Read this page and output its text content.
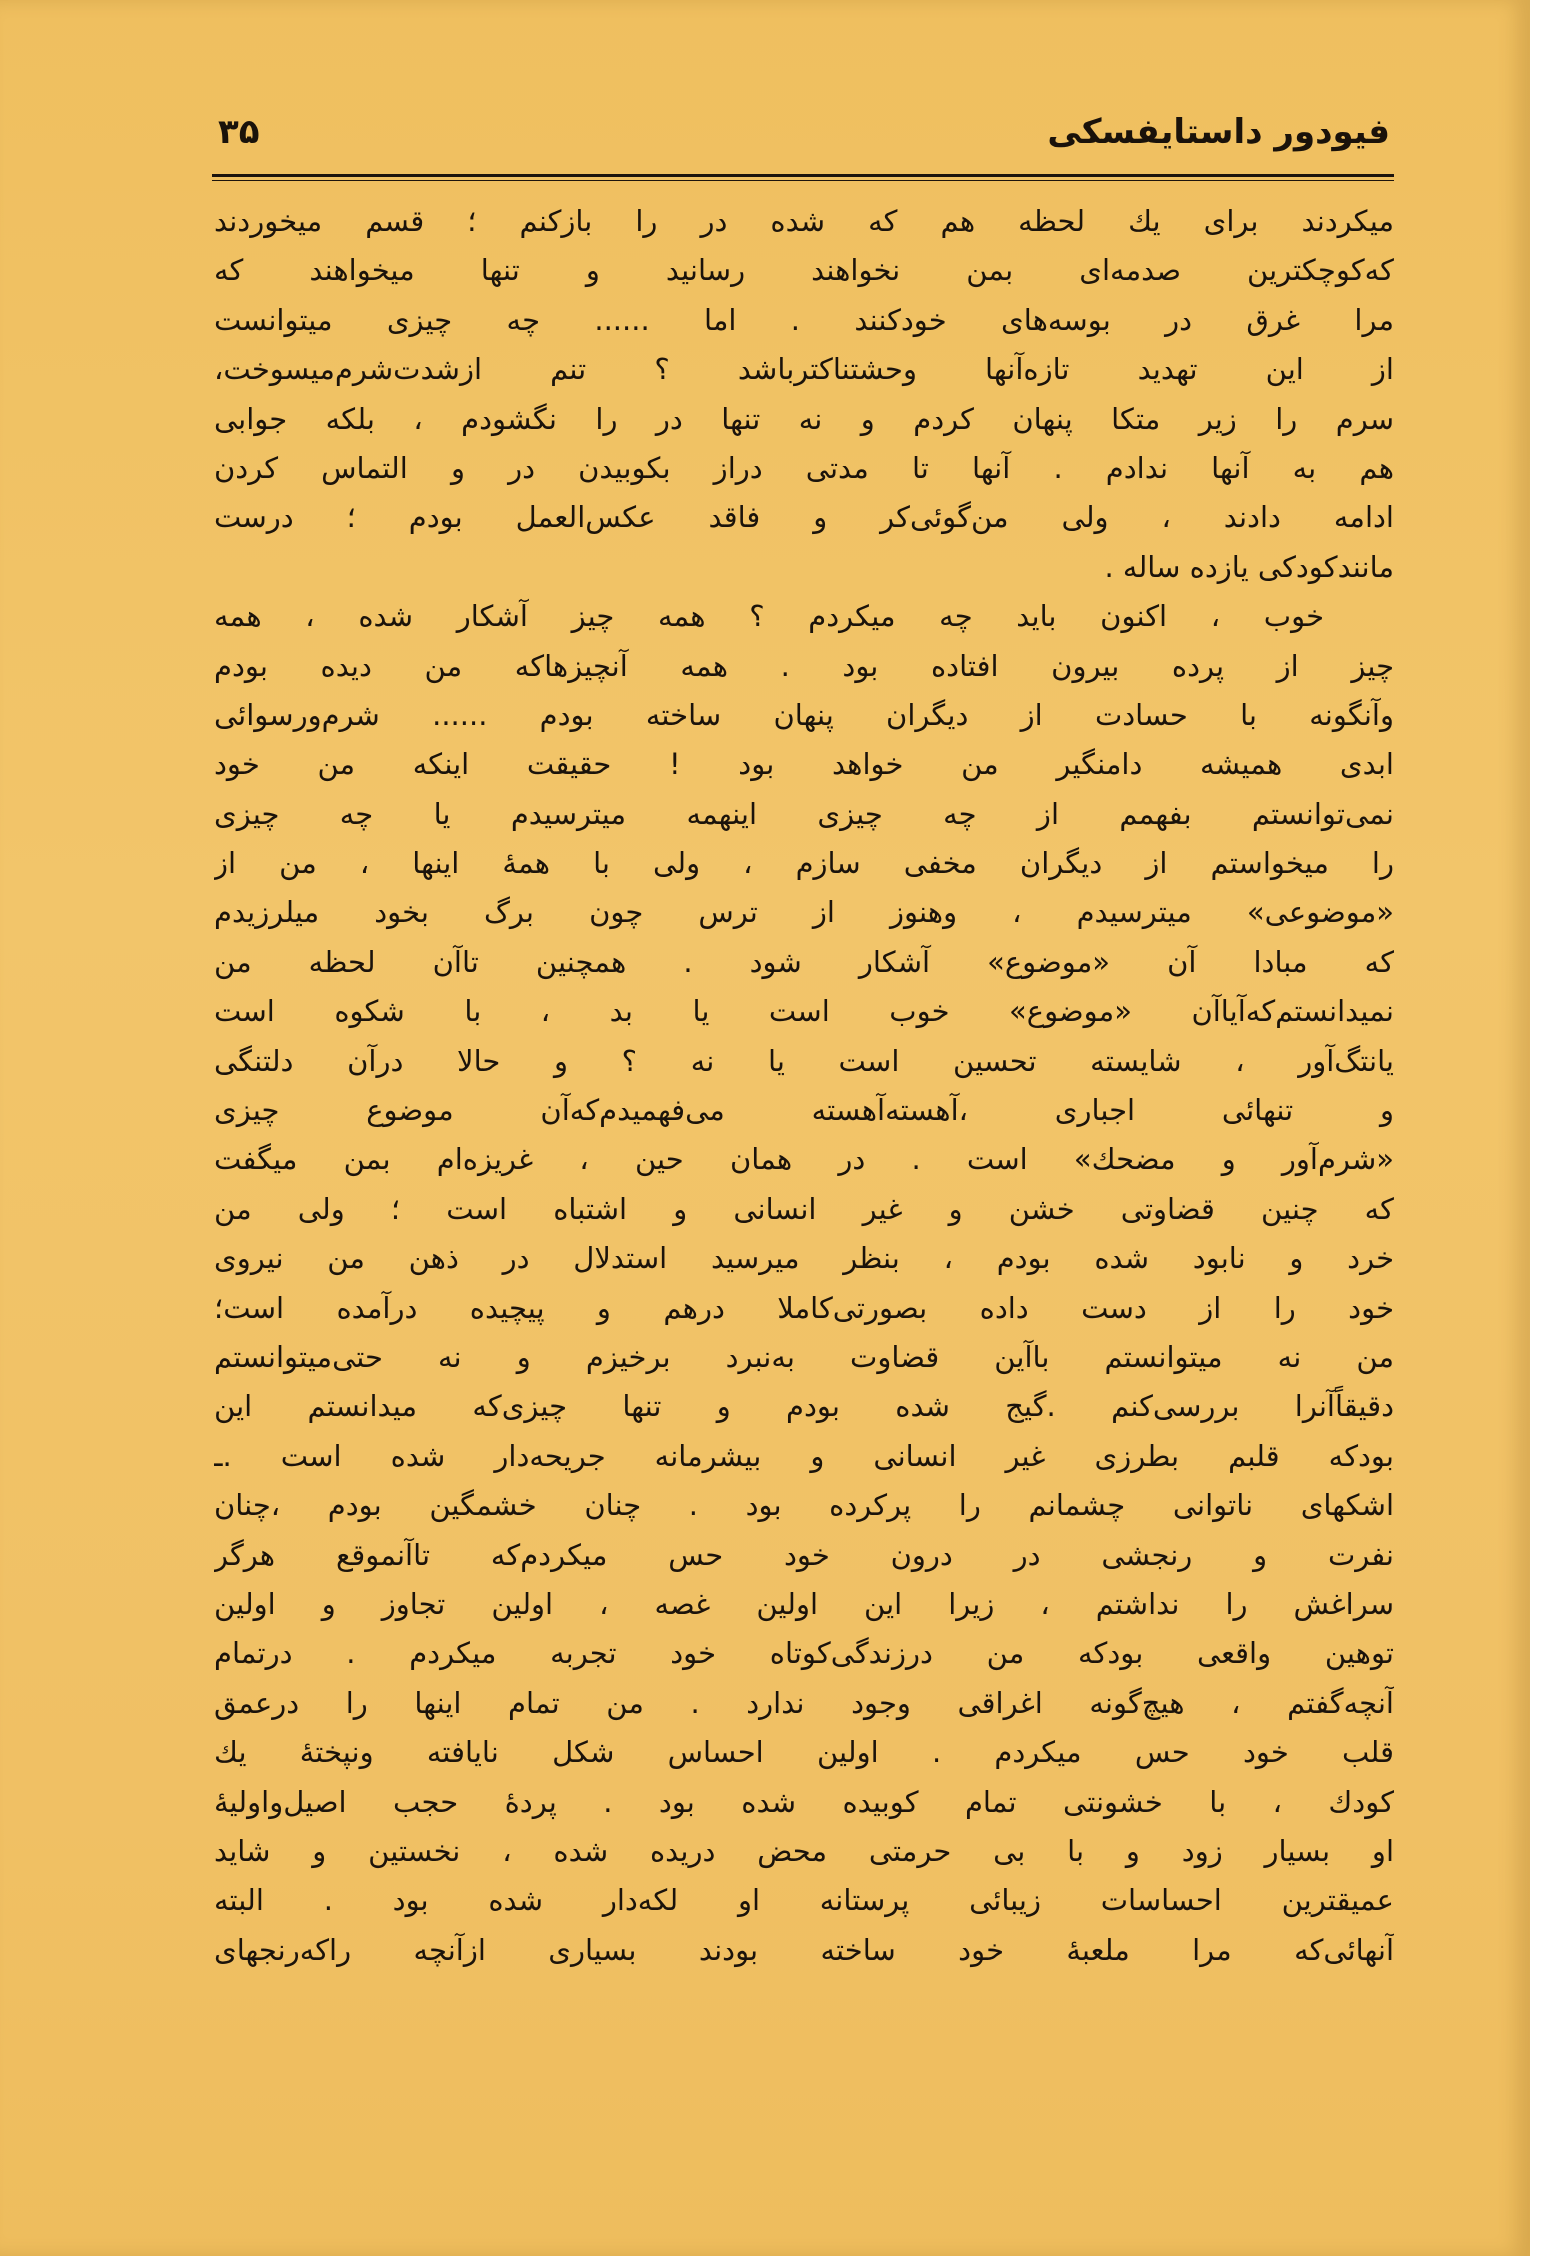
فیودور داستایفسکی
۳۵
میکردند برای یك لحظه هم که شده در را بازکنم ؛ قسم میخوردند
که‌کوچکترین صدمه‌ای بمن نخواهند رسانید و تنها میخواهند که
مرا غرق در بوسه‌های خودکنند . اما ...... چه چیزی میتوانست
از این تهدید تازه‌آنها وحشتناکترباشد ؟ تنم ازشدت‌شرم‌میسوخت،
سرم را زیر متکا پنهان کردم و نه تنها در را نگشودم ، بلکه جوابی
هم به آنها ندادم . آنها تا مدتی دراز بکوبیدن در و التماس کردن
ادامه دادند ، ولی من‌گوئی‌کر و فاقد عکس‌العمل بودم ؛ درست
مانندکودکی یازده ساله .
خوب ، اکنون باید چه میکردم ؟ همه چیز آشکار شده ، همه
چیز از پرده بیرون افتاده بود . همه آنچیزهاکه من دیده بودم
وآنگونه با حسادت از دیگران پنهان ساخته بودم ...... شرم‌ورسوائی
ابدی همیشه دامنگیر من خواهد بود ! حقیقت اینکه من خود
نمی‌توانستم بفهمم از چه چیزی اینهمه میترسیدم یا چه چیزی
را میخواستم از دیگران مخفی سازم ، ولی با همهٔ اینها ، من از
«موضوعی» میترسیدم ، وهنوز از ترس چون برگ بخود میلرزیدم
که مبادا آن «موضوع» آشکار شود . همچنین تاآن لحظه من
نمیدانستم‌که‌آیاآن «موضوع» خوب است یا بد ، با شکوه است
یانتگ‌آور ، شایسته تحسین است یا نه ؟ و حالا درآن دلتنگی
و تنهائی اجباری ،آهسته‌آهسته می‌فهمیدم‌که‌آن موضوع چیزی
«شرم‌آور و مضحك» است . در همان حین ، غریزه‌ام بمن میگفت
که چنین قضاوتی خشن و غیر انسانی و اشتباه است ؛ ولی من
خرد و نابود شده بودم ، بنظر میرسید استدلال در ذهن من نیروی
خود را از دست داده بصورتی‌کاملا درهم و پیچیده درآمده است؛
من نه میتوانستم باآین قضاوت به‌نبرد برخیزم و نه حتی‌میتوانستم
دقیقاًآنرا بررسی‌کنم .گیج شده بودم و تنها چیزی‌که میدانستم این
بودکه قلبم بطرزی غیر انسانی و بیشرمانه جریحه‌دار شده است .ـ
اشکهای ناتوانی چشمانم را پرکرده بود . چنان خشمگین بودم ،چنان
نفرت و رنجشی در درون خود حس میکردم‌که تاآنموقع هرگر
سراغش را نداشتم ، زیرا این اولین غصه ، اولین تجاوز و اولین
توهین واقعی بودکه من درزندگی‌کوتاه خود تجربه میکردم . درتمام
آنچه‌گفتم ، هیچ‌گونه اغراقی وجود ندارد . من تمام اینها را درعمق
قلب خود حس میکردم . اولین احساس شکل نایافته ونپختهٔ یك
کودك ، با خشونتی تمام کوبیده شده بود . پردهٔ حجب اصیل‌واولیهٔ
او بسیار زود و با بی حرمتی محض دریده شده ، نخستین و شاید
عمیقترین احساسات زیبائی پرستانه او لکه‌دار شده بود . البته
آنهائی‌که مرا ملعبهٔ خود ساخته بودند بسیاری ازآنچه راکه‌رنجهای
